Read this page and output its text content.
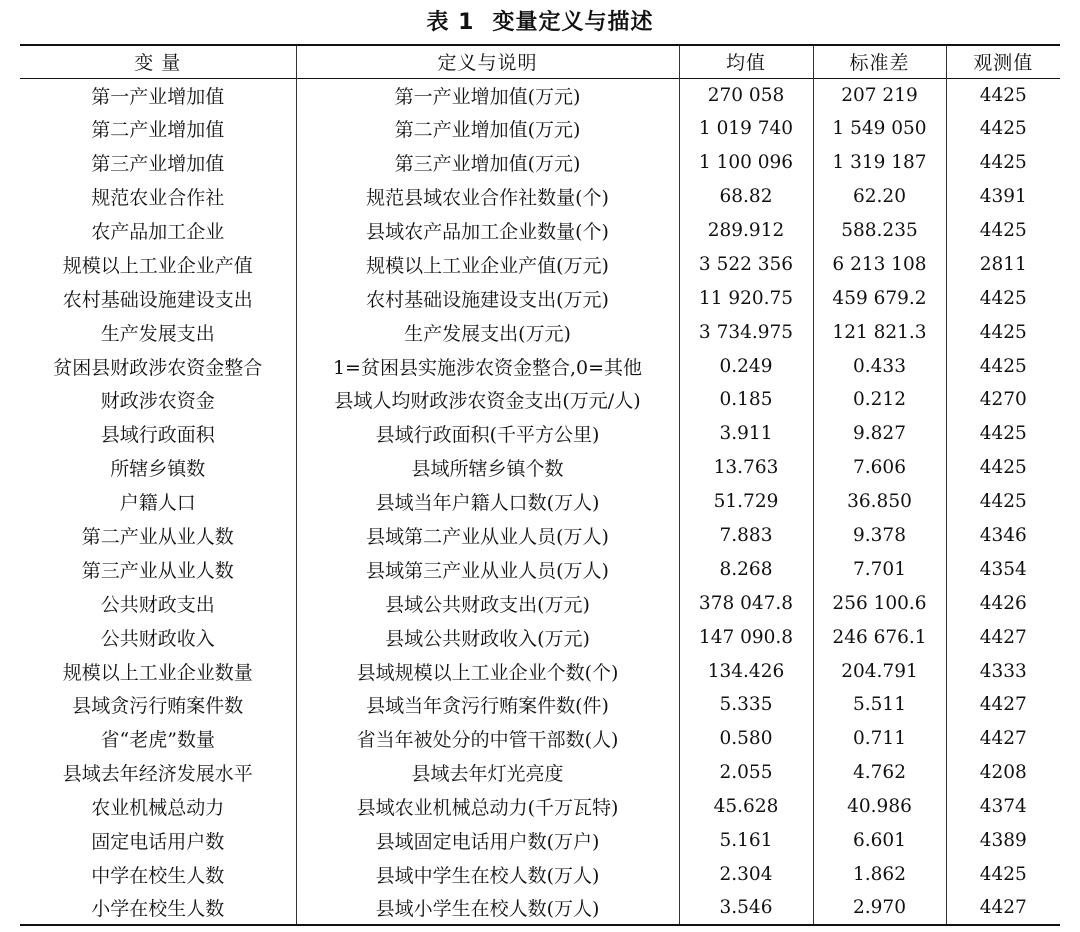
表 1 变量定义与描述
变 量	定义与说明	均值	标准差	观测值
第一产业增加值	第一产业增加值(万元)	270 058	207 219	4425
第二产业增加值	第二产业增加值(万元)	1 019 740	1 549 050	4425
第三产业增加值	第三产业增加值(万元)	1 100 096	1 319 187	4425
规范农业合作社	规范县域农业合作社数量(个)	68.82	62.20	4391
农产品加工企业	县域农产品加工企业数量(个)	289.912	588.235	4425
规模以上工业企业产值	规模以上工业企业产值(万元)	3 522 356	6 213 108	2811
农村基础设施建设支出	农村基础设施建设支出(万元)	11 920.75	459 679.2	4425
生产发展支出	生产发展支出(万元)	3 734.975	121 821.3	4425
贫困县财政涉农资金整合	1=贫困县实施涉农资金整合,0=其他	0.249	0.433	4425
财政涉农资金	县域人均财政涉农资金支出(万元/人)	0.185	0.212	4270
县域行政面积	县域行政面积(千平方公里)	3.911	9.827	4425
所辖乡镇数	县域所辖乡镇个数	13.763	7.606	4425
户籍人口	县域当年户籍人口数(万人)	51.729	36.850	4425
第二产业从业人数	县域第二产业从业人员(万人)	7.883	9.378	4346
第三产业从业人数	县域第三产业从业人员(万人)	8.268	7.701	4354
公共财政支出	县域公共财政支出(万元)	378 047.8	256 100.6	4426
公共财政收入	县域公共财政收入(万元)	147 090.8	246 676.1	4427
规模以上工业企业数量	县域规模以上工业企业个数(个)	134.426	204.791	4333
县域贪污行贿案件数	县域当年贪污行贿案件数(件)	5.335	5.511	4427
省“老虎”数量	省当年被处分的中管干部数(人)	0.580	0.711	4427
县域去年经济发展水平	县域去年灯光亮度	2.055	4.762	4208
农业机械总动力	县域农业机械总动力(千万瓦特)	45.628	40.986	4374
固定电话用户数	县域固定电话用户数(万户)	5.161	6.601	4389
中学在校生人数	县域中学生在校人数(万人)	2.304	1.862	4425
小学在校生人数	县域小学生在校人数(万人)	3.546	2.970	4427
